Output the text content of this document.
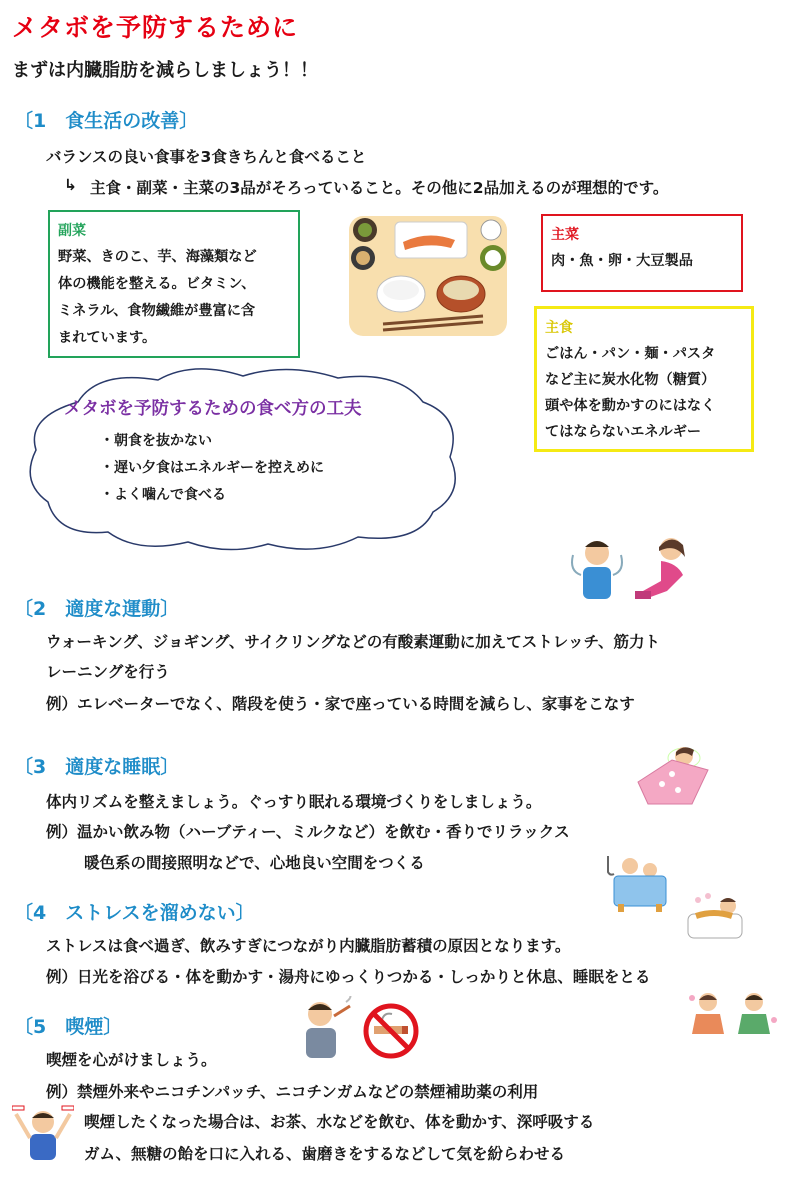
メタボを予防するために
まずは内臓脂肪を減らしましょう！！
〔1　食生活の改善〕
バランスの良い食事を3食きちんと食べること
↳ 主食・副菜・主菜の3品がそろっていること。その他に2品加えるのが理想的です。
副菜
野菜、きのこ、芋、海藻類など
体の機能を整える。ビタミン、
ミネラル、食物繊維が豊富に含
まれています。
主菜
肉・魚・卵・大豆製品
主食
ごはん・パン・麺・パスタ
など主に炭水化物（糖質）
頭や体を動かすのにはなく
てはならないエネルギー
メタボを予防するための食べ方の工夫
・朝食を抜かない
・遅い夕食はエネルギーを控えめに
・よく噛んで食べる
〔2　適度な運動〕
ウォーキング、ジョギング、サイクリングなどの有酸素運動に加えてストレッチ、筋力ト
レーニングを行う
例）エレベーターでなく、階段を使う・家で座っている時間を減らし、家事をこなす
〔3　適度な睡眠〕
体内リズムを整えましょう。ぐっすり眠れる環境づくりをしましょう。
例）温かい飲み物（ハーブティー、ミルクなど）を飲む・香りでリラックス
暖色系の間接照明などで、心地良い空間をつくる
〔4　ストレスを溜めない〕
ストレスは食べ過ぎ、飲みすぎにつながり内臓脂肪蓄積の原因となります。
例）日光を浴びる・体を動かす・湯舟にゆっくりつかる・しっかりと休息、睡眠をとる
〔5　喫煙〕
喫煙を心がけましょう。
例）禁煙外来やニコチンパッチ、ニコチンガムなどの禁煙補助薬の利用
喫煙したくなった場合は、お茶、水などを飲む、体を動かす、深呼吸する
ガム、無糖の飴を口に入れる、歯磨きをするなどして気を紛らわせる
